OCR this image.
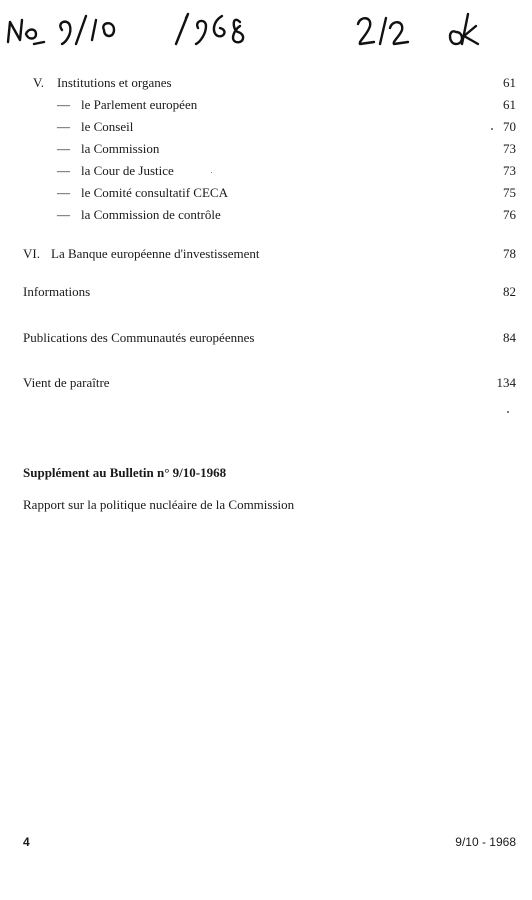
V. Institutions et organes	61
— le Parlement européen	61
— le Conseil	70
— la Commission	73
— la Cour de Justice	73
— le Comité consultatif CECA	75
— la Commission de contrôle	76
VI. La Banque européenne d'investissement	78
Informations	82
Publications des Communautés européennes	84
Vient de paraître	134
Supplément au Bulletin n° 9/10-1968
Rapport sur la politique nucléaire de la Commission
4	9/10 - 1968
